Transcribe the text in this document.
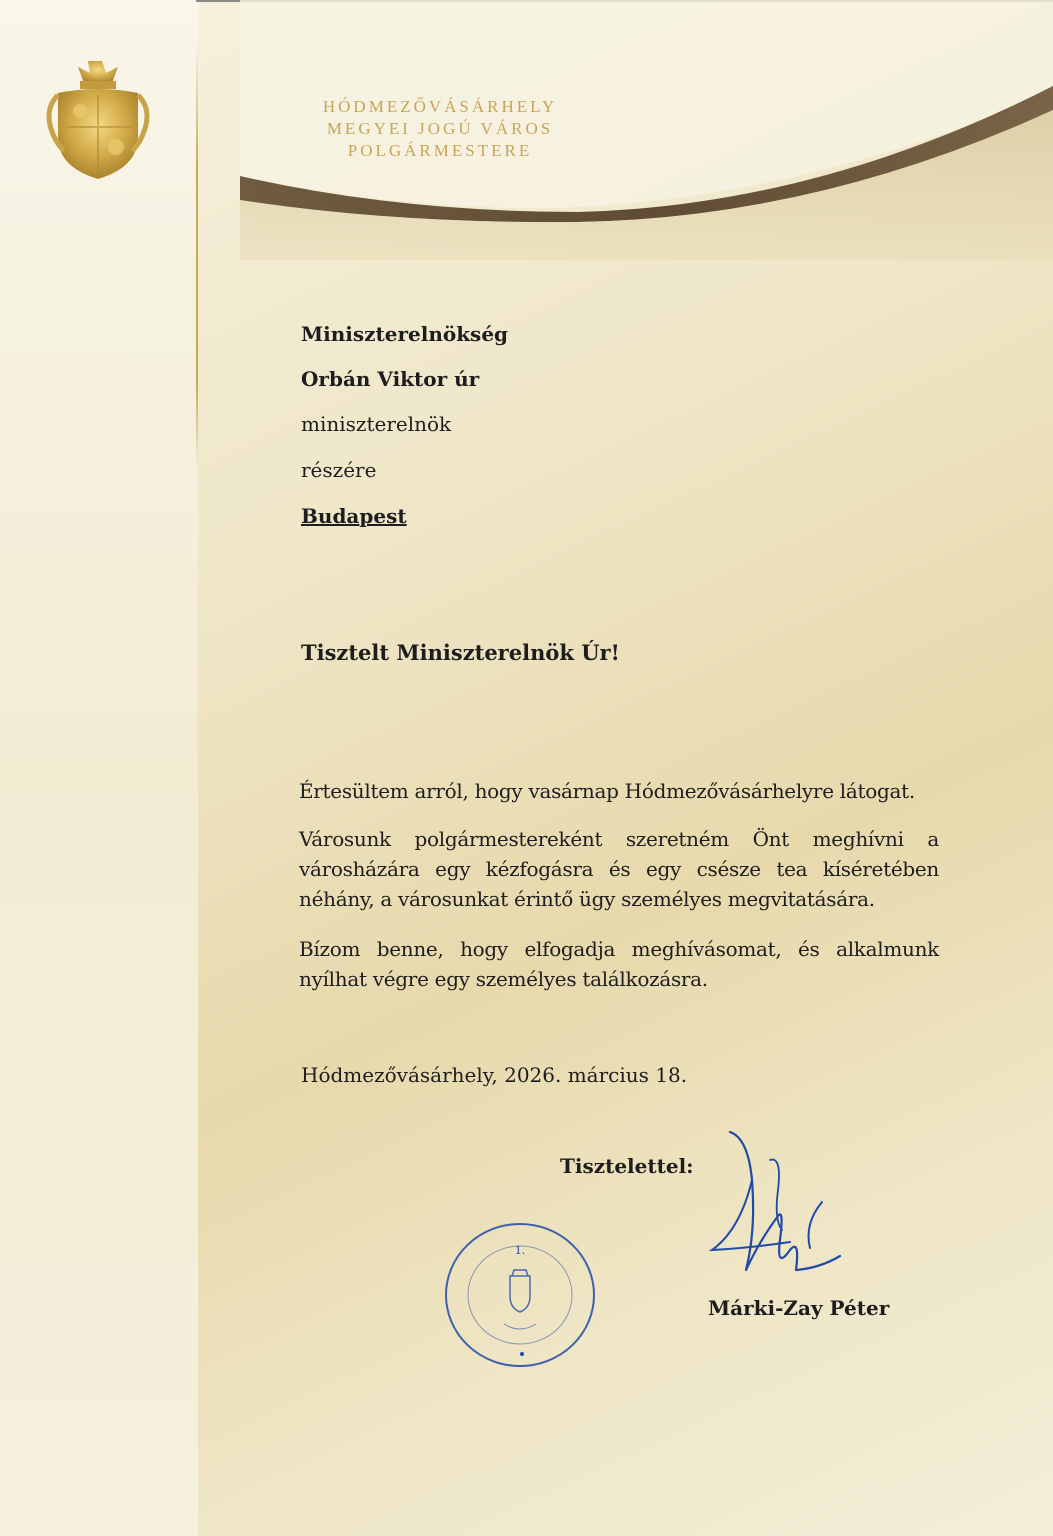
HÓDMEZŐVÁSÁRHELY
MEGYEI JOGÚ VÁROS
POLGÁRMESTERE
Miniszterelnökség
Orbán Viktor úr
miniszterelnök
részére
Budapest
Tisztelt Miniszterelnök Úr!
Értesültem arról, hogy vasárnap Hódmezővásárhelyre látogat.
Városunk polgármestereként szeretném Önt meghívni a városházára egy kézfogásra és egy csésze tea kíséretében néhány, a városunkat érintő ügy személyes megvitatására.
Bízom benne, hogy elfogadja meghívásomat, és alkalmunk nyílhat végre egy személyes találkozásra.
Hódmezővásárhely, 2026. március 18.
Tisztelettel:
1.
Márki-Zay Péter
